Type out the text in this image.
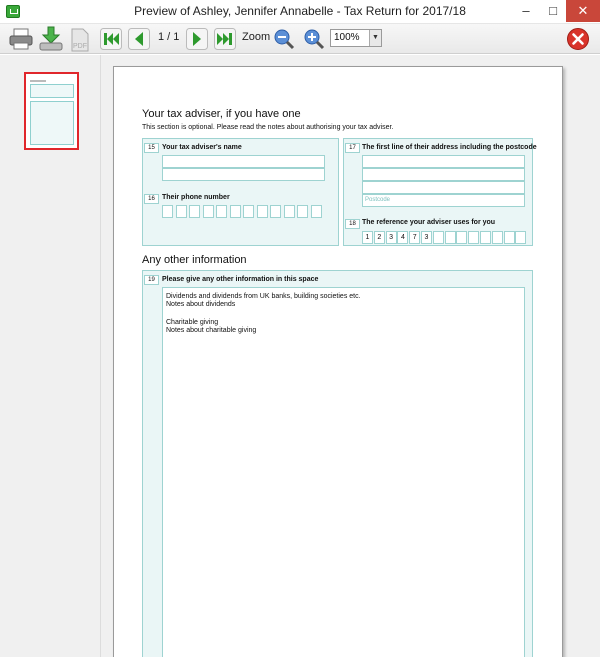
Preview of Ashley, Jennifer Annabelle - Tax Return for 2017/18	–	□	✕
PDF
1 / 1	Zoom	100%	▼
Your tax adviser, if you have one
This section is optional. Please read the notes about authorising your tax adviser.
15	Your tax adviser's name
16	Their phone number
17 The first line of their address including the postcode
Postcode
18 The reference your adviser uses for you
1	2	3	4	7	3
Any other information
19	Please give any other information in this space
Dividends and dividends from UK banks, building societies etc.
Notes about dividends
Charitable giving
Notes about charitable giving
